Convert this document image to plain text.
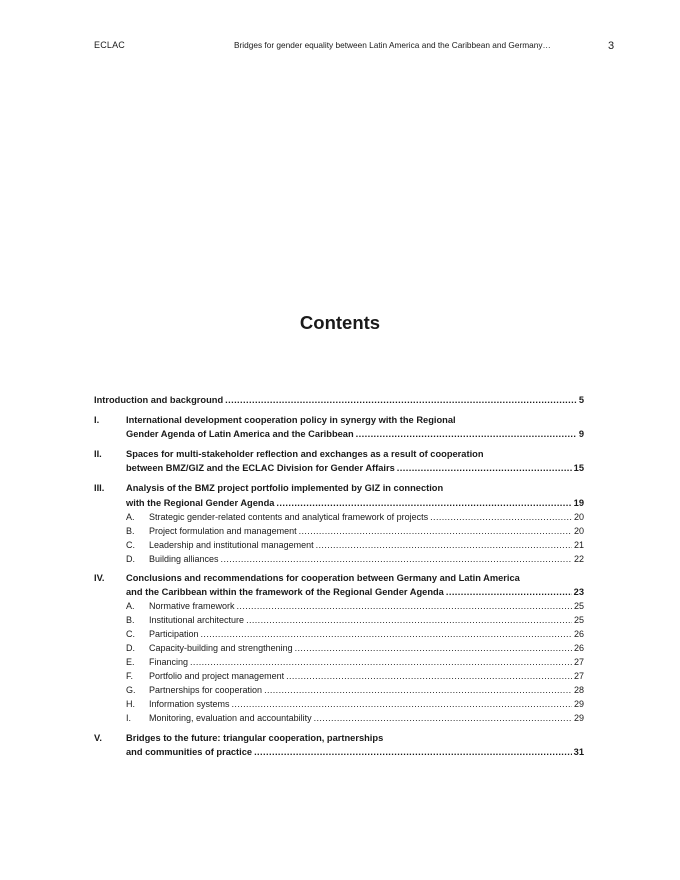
ECLAC	Bridges for gender equality between Latin America and the Caribbean and Germany…	3
Contents
Introduction and background .....	5
I.	International development cooperation policy in synergy with the Regional
Gender Agenda of Latin America and the Caribbean .....	9
II.	Spaces for multi-stakeholder reflection and exchanges as a result of cooperation
between BMZ/GIZ and the ECLAC Division for Gender Affairs .....	15
III.	Analysis of the BMZ project portfolio implemented by GIZ in connection
with the Regional Gender Agenda .....	19
A.	Strategic gender-related contents and analytical framework of projects .....	20
B.	Project formulation and management .....	20
C.	Leadership and institutional management .....	21
D.	Building alliances .....	22
IV.	Conclusions and recommendations for cooperation between Germany and Latin America
and the Caribbean within the framework of the Regional Gender Agenda .....	23
A.	Normative framework .....	25
B.	Institutional architecture .....	25
C.	Participation .....	26
D.	Capacity-building and strengthening .....	26
E.	Financing .....	27
F.	Portfolio and project management .....	27
G.	Partnerships for cooperation .....	28
H.	Information systems .....	29
I.	Monitoring, evaluation and accountability .....	29
V.	Bridges to the future: triangular cooperation, partnerships
and communities of practice .....	31
